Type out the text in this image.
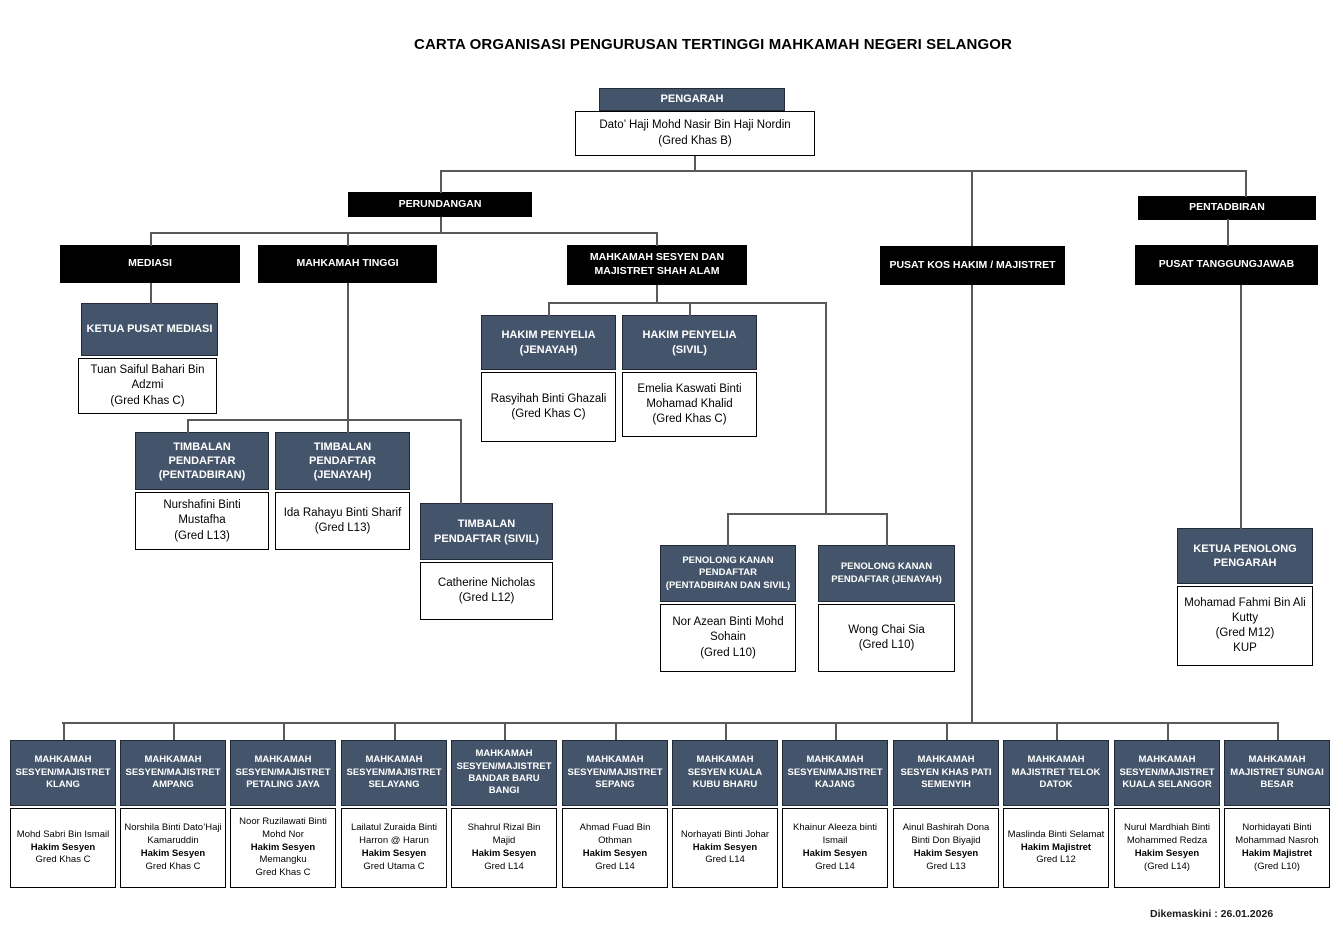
CARTA ORGANISASI PENGURUSAN TERTINGGI MAHKAMAH NEGERI SELANGOR
PENGARAH
Dato’ Haji Mohd Nasir Bin Haji Nordin
(Gred Khas B)
PERUNDANGAN	PENTADBIRAN
MEDIASI	MAHKAMAH TINGGI	MAHKAMAH SESYEN DAN MAJISTRET SHAH ALAM
PUSAT KOS HAKIM / MAJISTRET	PUSAT TANGGUNGJAWAB
KETUA PUSAT MEDIASI
Tuan Saiful Bahari Bin Adzmi
(Gred Khas C)
HAKIM PENYELIA (JENAYAH)
Rasyihah Binti Ghazali
(Gred Khas C)
HAKIM PENYELIA (SIVIL)
Emelia Kaswati Binti Mohamad Khalid
(Gred Khas C)
TIMBALAN PENDAFTAR (PENTADBIRAN)
Nurshafini Binti Mustafha
(Gred L13)
TIMBALAN PENDAFTAR (JENAYAH)
Ida Rahayu Binti Sharif
(Gred L13)	TIMBALAN PENDAFTAR (SIVIL)
Catherine Nicholas
(Gred L12)
PENOLONG KANAN PENDAFTAR (PENTADBIRAN DAN SIVIL)
Nor Azean Binti Mohd Sohain
(Gred L10)
PENOLONG KANAN PENDAFTAR (JENAYAH)
Wong Chai Sia
(Gred L10)
KETUA PENOLONG PENGARAH
Mohamad Fahmi Bin Ali Kutty
(Gred M12)
KUP
Dikemaskini : 26.01.2026
MAHKAMAH SESYEN/MAJISTRET KLANG
Mohd Sabri Bin Ismail
Hakim Sesyen
Gred Khas C
MAHKAMAH SESYEN/MAJISTRET AMPANG
Norshila Binti Dato’Haji Kamaruddin
Hakim Sesyen
Gred Khas C
MAHKAMAH SESYEN/MAJISTRET PETALING JAYA
Noor Ruzilawati Binti Mohd Nor
Hakim Sesyen
Memangku
Gred Khas C
MAHKAMAH SESYEN/MAJISTRET SELAYANG
Lailatul Zuraida Binti Harron @ Harun
Hakim Sesyen
Gred Utama C
MAHKAMAH SESYEN/MAJISTRET BANDAR BARU BANGI
Shahrul Rizal Bin Majid
Hakim Sesyen
Gred L14
MAHKAMAH SESYEN/MAJISTRET SEPANG
Ahmad Fuad Bin Othman
Hakim Sesyen
Gred L14
MAHKAMAH SESYEN KUALA KUBU BHARU
Norhayati Binti Johar
Hakim Sesyen
Gred L14
MAHKAMAH SESYEN/MAJISTRET KAJANG
Khainur Aleeza binti Ismail
Hakim Sesyen
Gred L14
MAHKAMAH SESYEN KHAS PATI SEMENYIH
Ainul Bashirah Dona Binti Don Biyajid
Hakim Sesyen
Gred L13
MAHKAMAH MAJISTRET TELOK DATOK
Maslinda Binti Selamat
Hakim Majistret
Gred L12
MAHKAMAH SESYEN/MAJISTRET KUALA SELANGOR
Nurul Mardhiah Binti Mohammed Redza
Hakim Sesyen
(Gred L14)
MAHKAMAH MAJISTRET SUNGAI BESAR
Norhidayati Binti Mohammad Nasroh
Hakim Majistret
(Gred L10)
